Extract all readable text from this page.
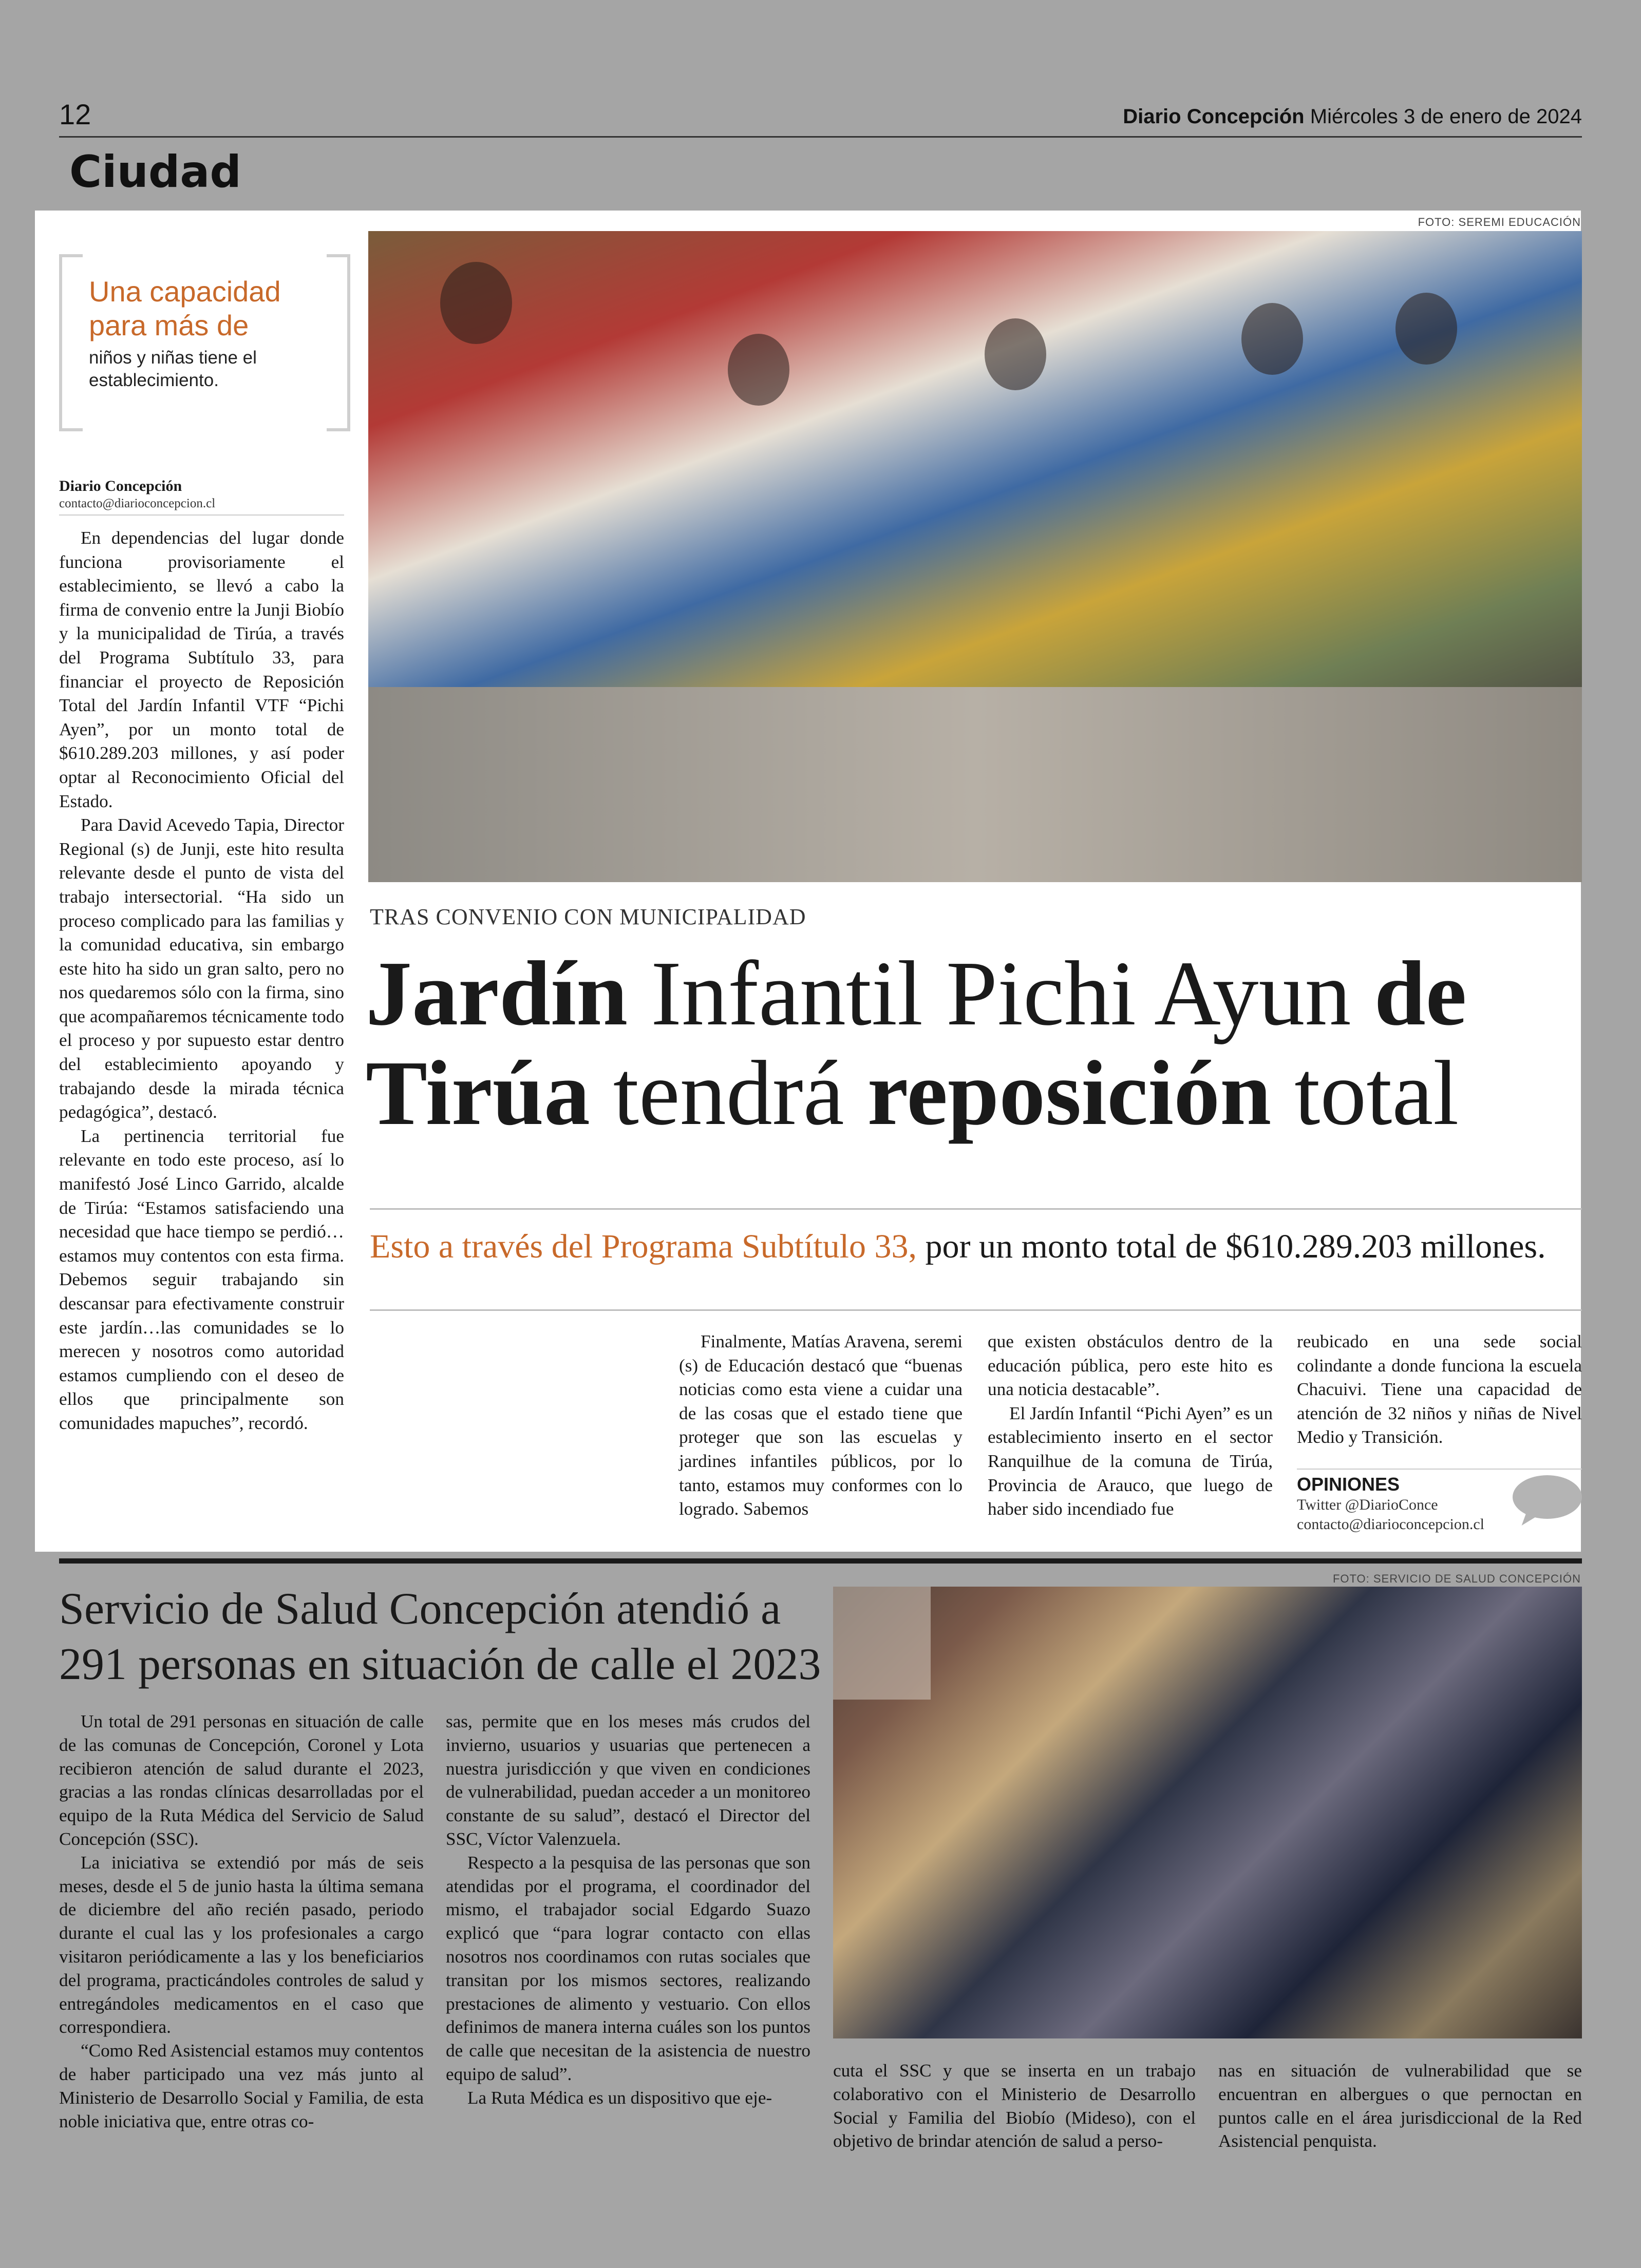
12	Diario Concepción Miércoles 3 de enero de 2024
Ciudad
FOTO: SEREMI EDUCACIÓN
Una capacidad para más de
niños y niñas tiene el establecimiento.
Diario Concepción
contacto@diarioconcepcion.cl

En dependencias del lugar donde funciona provisoriamente el establecimiento, se llevó a cabo la firma de convenio entre la Junji Biobío y la municipalidad de Tirúa, a través del Programa Subtítulo 33, para financiar el proyecto de Reposición Total del Jardín Infantil VTF “Pichi Ayen”, por un monto total de $610.289.203 millones, y así poder optar al Reconocimiento Oficial del Estado.

Para David Acevedo Tapia, Director Regional (s) de Junji, este hito resulta relevante desde el punto de vista del trabajo intersectorial. “Ha sido un proceso complicado para las familias y la comunidad educativa, sin embargo este hito ha sido un gran salto, pero no nos quedaremos sólo con la firma, sino que acompañaremos técnicamente todo el proceso y por supuesto estar dentro del establecimiento apoyando y trabajando desde la mirada técnica pedagógica”, destacó.

La pertinencia territorial fue relevante en todo este proceso, así lo manifestó José Linco Garrido, alcalde de Tirúa: “Estamos satisfaciendo una necesidad que hace tiempo se perdió…estamos muy contentos con esta firma. Debemos seguir trabajando sin descansar para efectivamente construir este jardín…las comunidades se lo merecen y nosotros como autoridad estamos cumpliendo con el deseo de ellos que principalmente son comunidades mapuches”, recordó.

TRAS CONVENIO CON MUNICIPALIDAD
Jardín Infantil Pichi Ayun de
Tirúa tendrá reposición total
Esto a través del Programa Subtítulo 33, por un monto total de $610.289.203 millones.

Finalmente, Matías Aravena, seremi (s) de Educación destacó que “buenas noticias como esta viene a cuidar una de las cosas que el estado tiene que proteger que son las escuelas y jardines infantiles públicos, por lo tanto, estamos muy conformes con lo logrado. Sabemos

que existen obstáculos dentro de la educación pública, pero este hito es una noticia destacable”.

El Jardín Infantil “Pichi Ayen” es un establecimiento inserto en el sector Ranquilhue de la comuna de Tirúa, Provincia de Arauco, que luego de haber sido incendiado fue

reubicado en una sede social colindante a donde funciona la escuela Chacuivi. Tiene una capacidad de atención de 32 niños y niñas de Nivel Medio y Transición.

OPINIONES
Twitter @DiarioConce
contacto@diarioconcepcion.cl
Servicio de Salud Concepción atendió a
291 personas en situación de calle el 2023
FOTO: SERVICIO DE SALUD CONCEPCIÓN

Un total de 291 personas en situación de calle de las comunas de Concepción, Coronel y Lota recibieron atención de salud durante el 2023, gracias a las rondas clínicas desarrolladas por el equipo de la Ruta Médica del Servicio de Salud Concepción (SSC).

La iniciativa se extendió por más de seis meses, desde el 5 de junio hasta la última semana de diciembre del año recién pasado, periodo durante el cual las y los profesionales a cargo visitaron periódicamente a las y los beneficiarios del programa, practicándoles controles de salud y entregándoles medicamentos en el caso que correspondiera.

“Como Red Asistencial estamos muy contentos de haber participado una vez más junto al Ministerio de Desarrollo Social y Familia, de esta noble iniciativa que, entre otras co-

sas, permite que en los meses más crudos del invierno, usuarios y usuarias que pertenecen a nuestra jurisdicción y que viven en condiciones de vulnerabilidad, puedan acceder a un monitoreo constante de su salud”, destacó el Director del SSC, Víctor Valenzuela.

Respecto a la pesquisa de las personas que son atendidas por el programa, el coordinador del mismo, el trabajador social Edgardo Suazo explicó que “para lograr contacto con ellas nosotros nos coordinamos con rutas sociales que transitan por los mismos sectores, realizando prestaciones de alimento y vestuario. Con ellos definimos de manera interna cuáles son los puntos de calle que necesitan de la asistencia de nuestro equipo de salud”.

La Ruta Médica es un dispositivo que eje-

cuta el SSC y que se inserta en un trabajo colaborativo con el Ministerio de Desarrollo Social y Familia del Biobío (Mideso), con el objetivo de brindar atención de salud a perso-

nas en situación de vulnerabilidad que se encuentran en albergues o que pernoctan en puntos calle en el área jurisdiccional de la Red Asistencial penquista.
